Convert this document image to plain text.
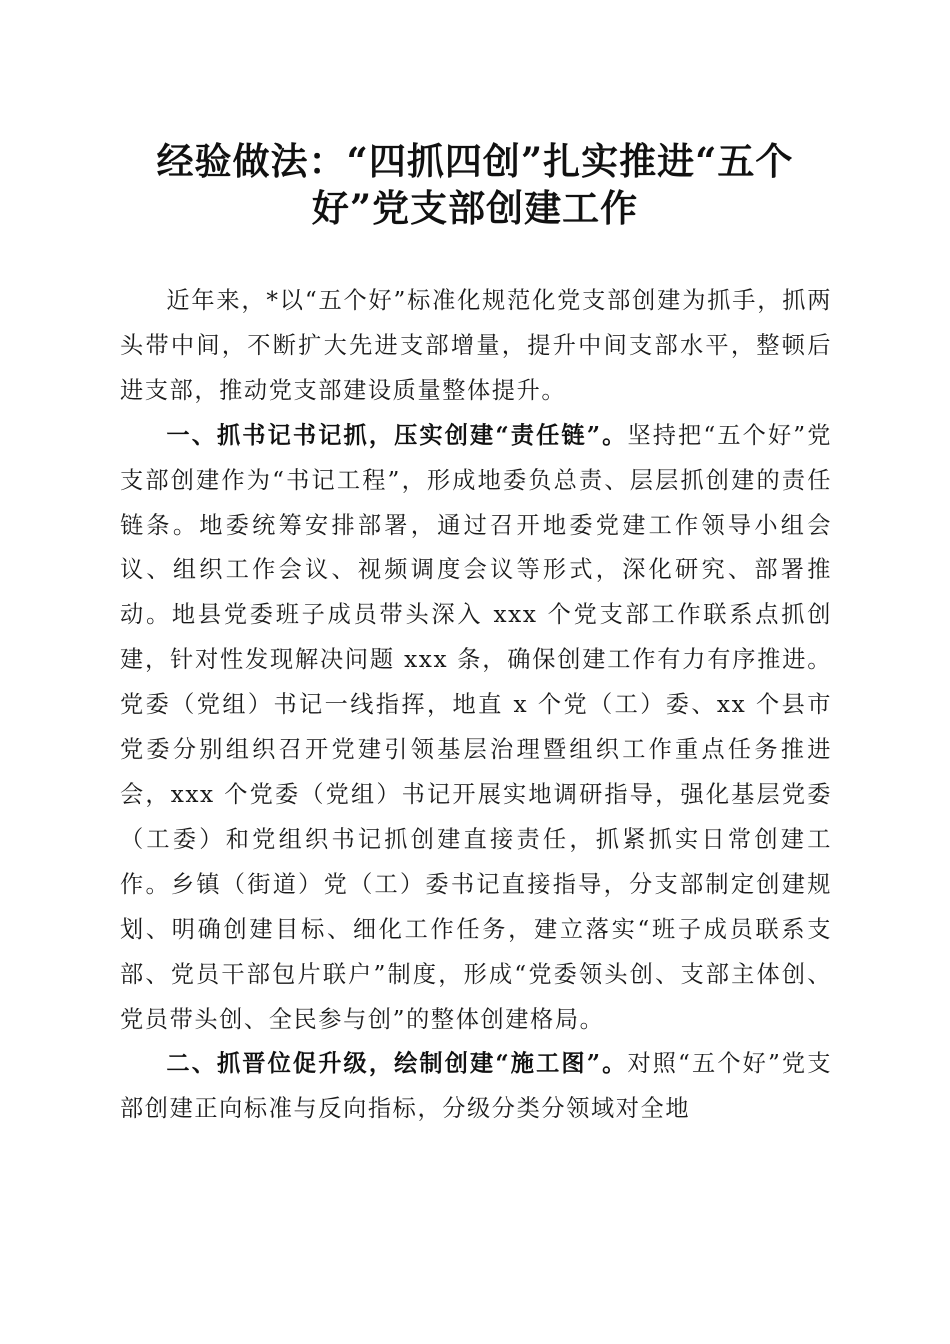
经验做法：“四抓四创”扎实推进“五个
好”党支部创建工作

近年来，*以“五个好”标准化规范化党支部创建为抓手，抓两头带中间，不断扩大先进支部增量，提升中间支部水平，整顿后进支部，推动党支部建设质量整体提升。

一、抓书记书记抓，压实创建“责任链”。坚持把“五个好”党支部创建作为“书记工程”，形成地委负总责、层层抓创建的责任链条。地委统筹安排部署，通过召开地委党建工作领导小组会议、组织工作会议、视频调度会议等形式，深化研究、部署推动。地县党委班子成员带头深入 xxx 个党支部工作联系点抓创建，针对性发现解决问题 xxx 条，确保创建工作有力有序推进。党委（党组）书记一线指挥，地直 x 个党（工）委、xx 个县市党委分别组织召开党建引领基层治理暨组织工作重点任务推进会，xxx 个党委（党组）书记开展实地调研指导，强化基层党委（工委）和党组织书记抓创建直接责任，抓紧抓实日常创建工作。乡镇（街道）党（工）委书记直接指导，分支部制定创建规划、明确创建目标、细化工作任务，建立落实“班子成员联系支部、党员干部包片联户”制度，形成“党委领头创、支部主体创、党员带头创、全民参与创”的整体创建格局。

二、抓晋位促升级，绘制创建“施工图”。对照“五个好”党支部创建正向标准与反向指标，分级分类分领域对全地
